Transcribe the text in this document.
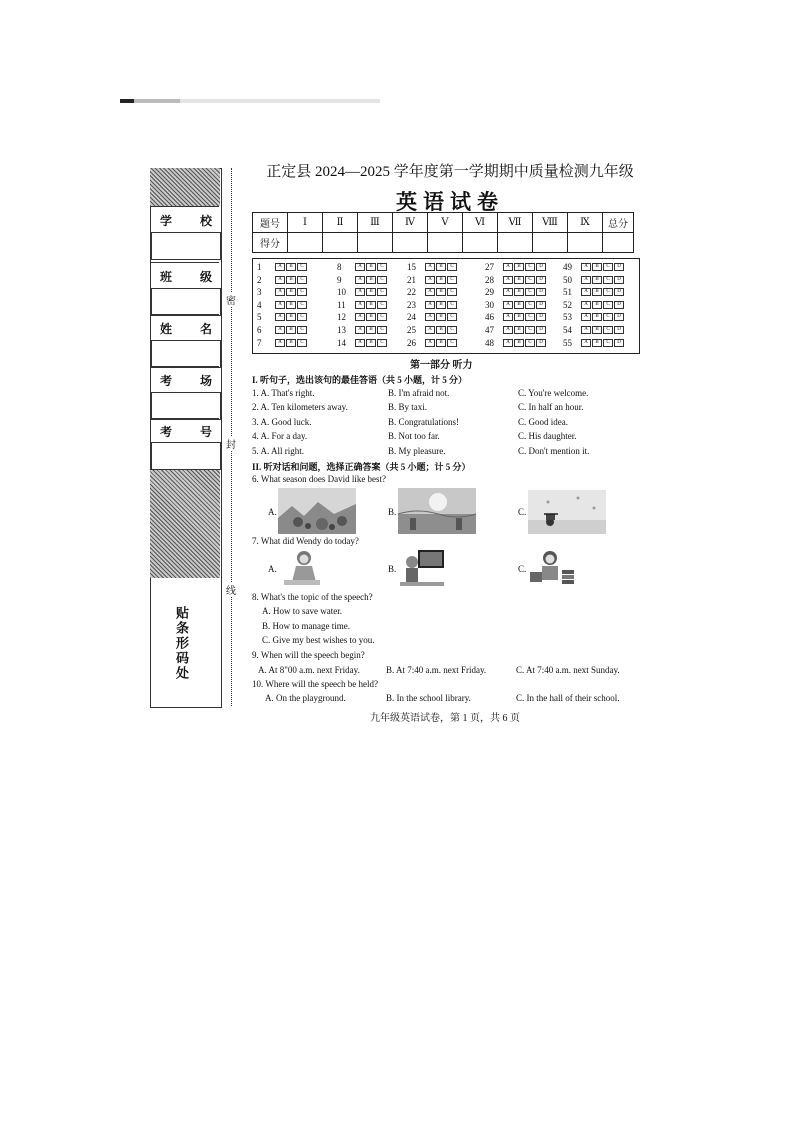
学 校
班 级
姓 名
考 场
考 号
贴条形码处
密
封
线
正定县 2024—2025 学年度第一学期期中质量检测九年级
英语试卷
题号	Ⅰ	Ⅱ	Ⅲ	Ⅳ	Ⅴ	Ⅵ	Ⅶ	Ⅷ	Ⅸ	总分
得分										
1	A	B	C
2	A	B	C
3	A	B	C
4	A	B	C
5	A	B	C
6	A	B	C
7	A	B	C
8	A	B	C
9	A	B	C
10	A	B	C
11	A	B	C
12	A	B	C
13	A	B	C
14	A	B	C
15	A	B	C
21	A	B	C
22	A	B	C
23	A	B	C
24	A	B	C
25	A	B	C
26	A	B	C
27	A	B	C	D
28	A	B	C	D
29	A	B	C	D
30	A	B	C	D
46	A	B	C	D
47	A	B	C	D
48	A	B	C	D
49	A	B	C	D
50	A	B	C	D
51	A	B	C	D
52	A	B	C	D
53	A	B	C	D
54	A	B	C	D
55	A	B	C	D
第一部分 听力
I. 听句子，选出该句的最佳答语（共 5 小题，计 5 分）
1. A. That's right.	B. I'm afraid not.	C. You're welcome.
2. A. Ten kilometers away.	B. By taxi.	C. In half an hour.
3. A. Good luck.	B. Congratulations!	C. Good idea.
4. A. For a day.	B. Not too far.	C. His daughter.
5. A. All right.	B. My pleasure.	C. Don't mention it.
II. 听对话和问题，选择正确答案（共 5 小题；计 5 分）
6. What season does David like best?
A.	B.	C.
7. What did Wendy do today?
A.	B.	C.
8. What's the topic of the speech?
A. How to save water.
B. How to manage time.
C. Give my best wishes to you.
9. When will the speech begin?
A. At 8"00 a.m. next Friday.	B. At 7:40 a.m. next Friday.	C. At 7:40 a.m. next Sunday.
10. Where will the speech be held?
A. On the playground.	B. In the school library.	C. In the hall of their school.
九年级英语试卷，第 1 页，共 6 页
